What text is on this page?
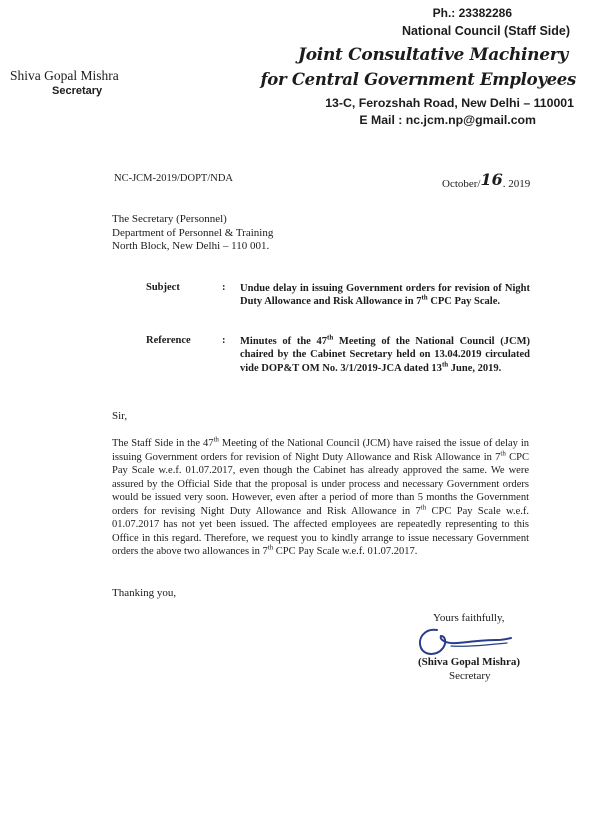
Shiva Gopal Mishra
Secretary
Ph.: 23382286
National Council (Staff Side)
Joint Consultative Machinery
for Central Government Employees
13-C, Ferozshah Road, New Delhi – 110001
E Mail : nc.jcm.np@gmail.com
NC-JCM-2019/DOPT/NDA	October/16. 2019
The Secretary (Personnel)
Department of Personnel & Training
North Block, New Delhi – 110 001.
Subject	: Undue delay in issuing Government orders for revision of Night Duty Allowance and Risk Allowance in 7th CPC Pay Scale.
Reference	: Minutes of the 47th Meeting of the National Council (JCM) chaired by the Cabinet Secretary held on 13.04.2019 circulated vide DOP&T OM No. 3/1/2019-JCA dated 13th June, 2019.
Sir,
The Staff Side in the 47th Meeting of the National Council (JCM) have raised the issue of delay in issuing Government orders for revision of Night Duty Allowance and Risk Allowance in 7th CPC Pay Scale w.e.f. 01.07.2017, even though the Cabinet has already approved the same. We were assured by the Official Side that the proposal is under process and necessary Government orders would be issued very soon. However, even after a period of more than 5 months the Government orders for revising Night Duty Allowance and Risk Allowance in 7th CPC Pay Scale w.e.f. 01.07.2017 has not yet been issued. The affected employees are repeatedly representing to this Office in this regard. Therefore, we request you to kindly arrange to issue necessary Government orders the above two allowances in 7th CPC Pay Scale w.e.f. 01.07.2017.
Thanking you,
Yours faithfully,
(Shiva Gopal Mishra)
Secretary
